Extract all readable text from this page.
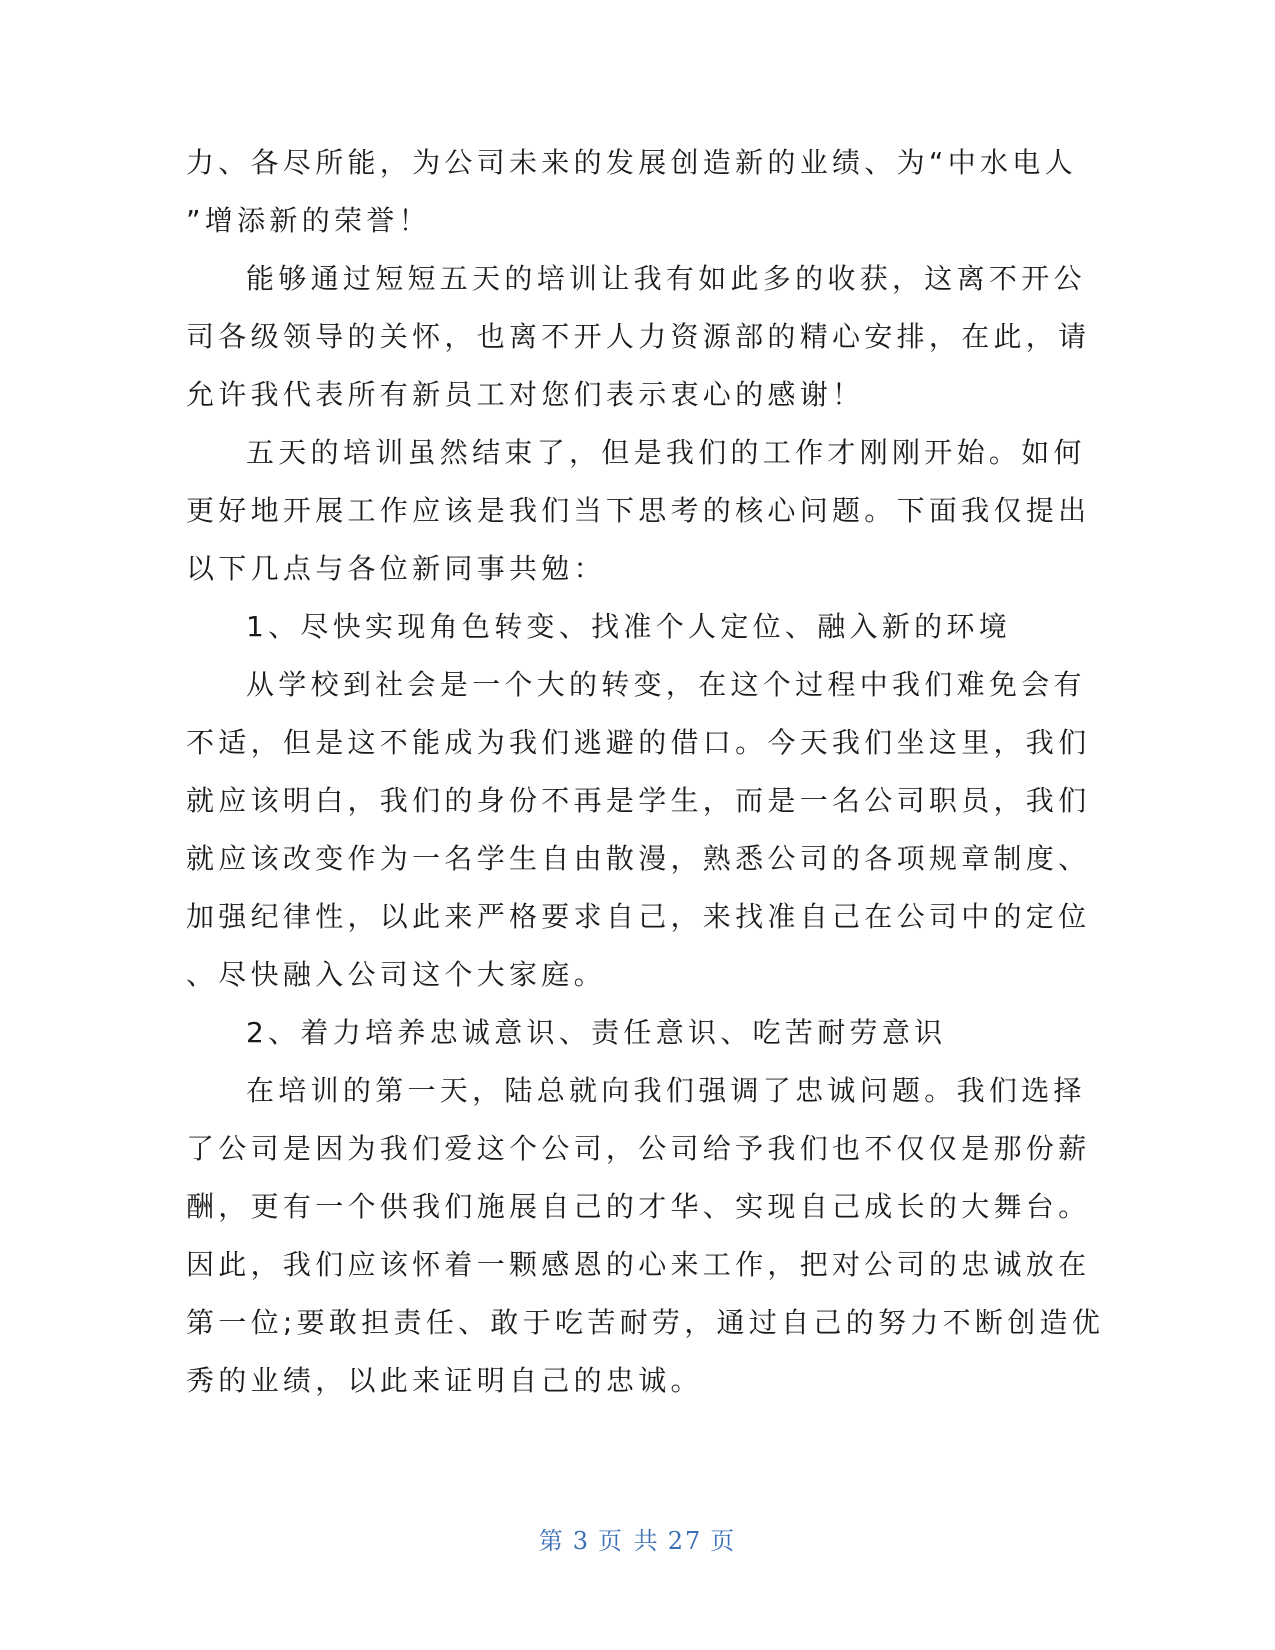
力、各尽所能，为公司未来的发展创造新的业绩、为“中水电人
”增添新的荣誉！
能够通过短短五天的培训让我有如此多的收获，这离不开公
司各级领导的关怀，也离不开人力资源部的精心安排，在此，请
允许我代表所有新员工对您们表示衷心的感谢！
五天的培训虽然结束了，但是我们的工作才刚刚开始。如何
更好地开展工作应该是我们当下思考的核心问题。下面我仅提出
以下几点与各位新同事共勉：
1、尽快实现角色转变、找准个人定位、融入新的环境
从学校到社会是一个大的转变，在这个过程中我们难免会有
不适，但是这不能成为我们逃避的借口。今天我们坐这里，我们
就应该明白，我们的身份不再是学生，而是一名公司职员，我们
就应该改变作为一名学生自由散漫，熟悉公司的各项规章制度、
加强纪律性，以此来严格要求自己，来找准自己在公司中的定位
、尽快融入公司这个大家庭。
2、着力培养忠诚意识、责任意识、吃苦耐劳意识
在培训的第一天，陆总就向我们强调了忠诚问题。我们选择
了公司是因为我们爱这个公司，公司给予我们也不仅仅是那份薪
酬，更有一个供我们施展自己的才华、实现自己成长的大舞台。
因此，我们应该怀着一颗感恩的心来工作，把对公司的忠诚放在
第一位;要敢担责任、敢于吃苦耐劳，通过自己的努力不断创造优
秀的业绩，以此来证明自己的忠诚。
第 3 页 共 27 页
